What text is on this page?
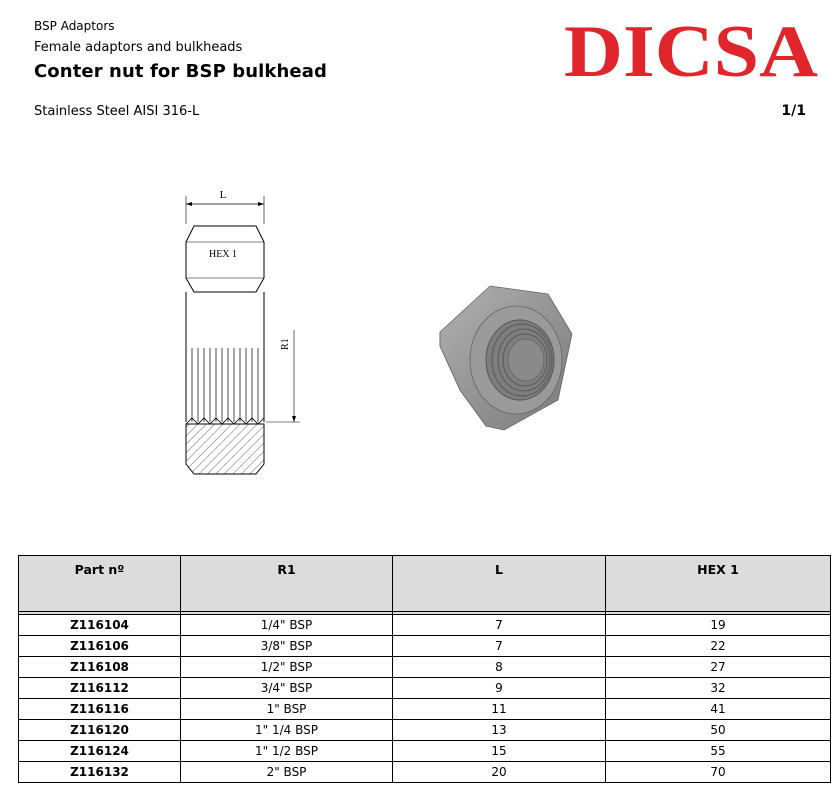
BSP Adaptors
Female adaptors and bulkheads
Conter nut for BSP bulkhead
Stainless Steel AISI 316-L	1/1
DICSA
L
HEX 1
R1
Part nº	R1	L	HEX 1

Z116104	1/4" BSP	7	19
Z116106	3/8" BSP	7	22
Z116108	1/2" BSP	8	27
Z116112	3/4" BSP	9	32
Z116116	1" BSP	11	41
Z116120	1" 1/4 BSP	13	50
Z116124	1" 1/2 BSP	15	55
Z116132	2" BSP	20	70
